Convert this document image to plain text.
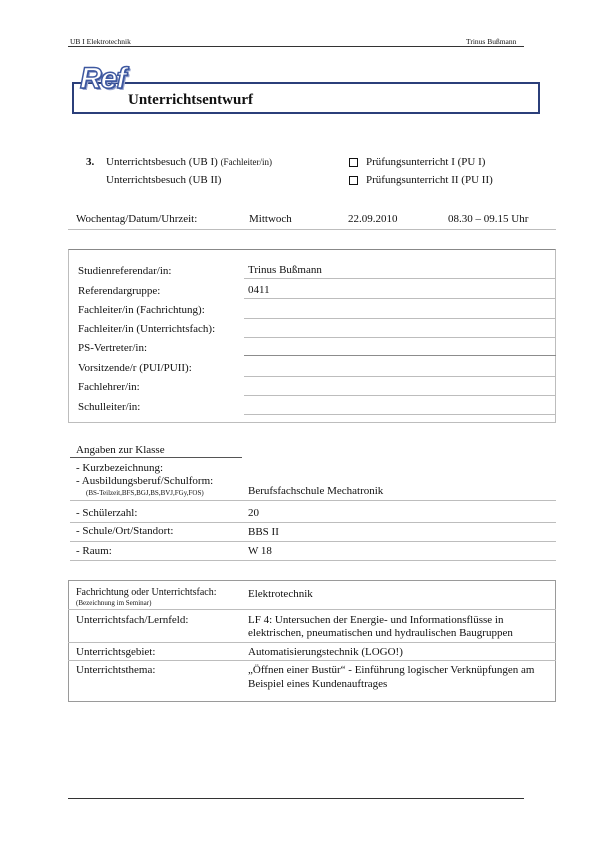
UB I Elektrotechnik	Trinus Bußmann
Ref
Unterrichtsentwurf
3. Unterrichtsbesuch (UB I) (Fachleiter/in)
Unterrichtsbesuch (UB II)
Prüfungsunterricht I (PU I)
Prüfungsunterricht II (PU II)
Wochentag/Datum/Uhrzeit:	Mittwoch	22.09.2010	08.30 – 09.15 Uhr
Studienreferendar/in:	Trinus Bußmann
Referendargruppe:	0411
Fachleiter/in (Fachrichtung):
Fachleiter/in (Unterrichtsfach):
PS-Vertreter/in:
Vorsitzende/r (PUI/PUII):
Fachlehrer/in:
Schulleiter/in:
Angaben zur Klasse
- Kurzbezeichnung:
- Ausbildungsberuf/Schulform:
(BS-Teilzeit,BFS,BGJ,BS,BVJ,FGy,FOS)	Berufsfachschule Mechatronik
- Schülerzahl:	20
- Schule/Ort/Standort:	BBS II
- Raum:	W 18
Fachrichtung oder Unterrichtsfach:
(Bezeichnung im Seminar)
Elektrotechnik
Unterrichtsfach/Lernfeld:	LF 4: Untersuchen der Energie- und Informationsflüsse in
elektrischen, pneumatischen und hydraulischen Baugruppen
Unterrichtsgebiet:	Automatisierungstechnik (LOGO!)
Unterrichtsthema:	„Öffnen einer Bustür“ - Einführung logischer Verknüpfungen am
Beispiel eines Kundenauftrages
